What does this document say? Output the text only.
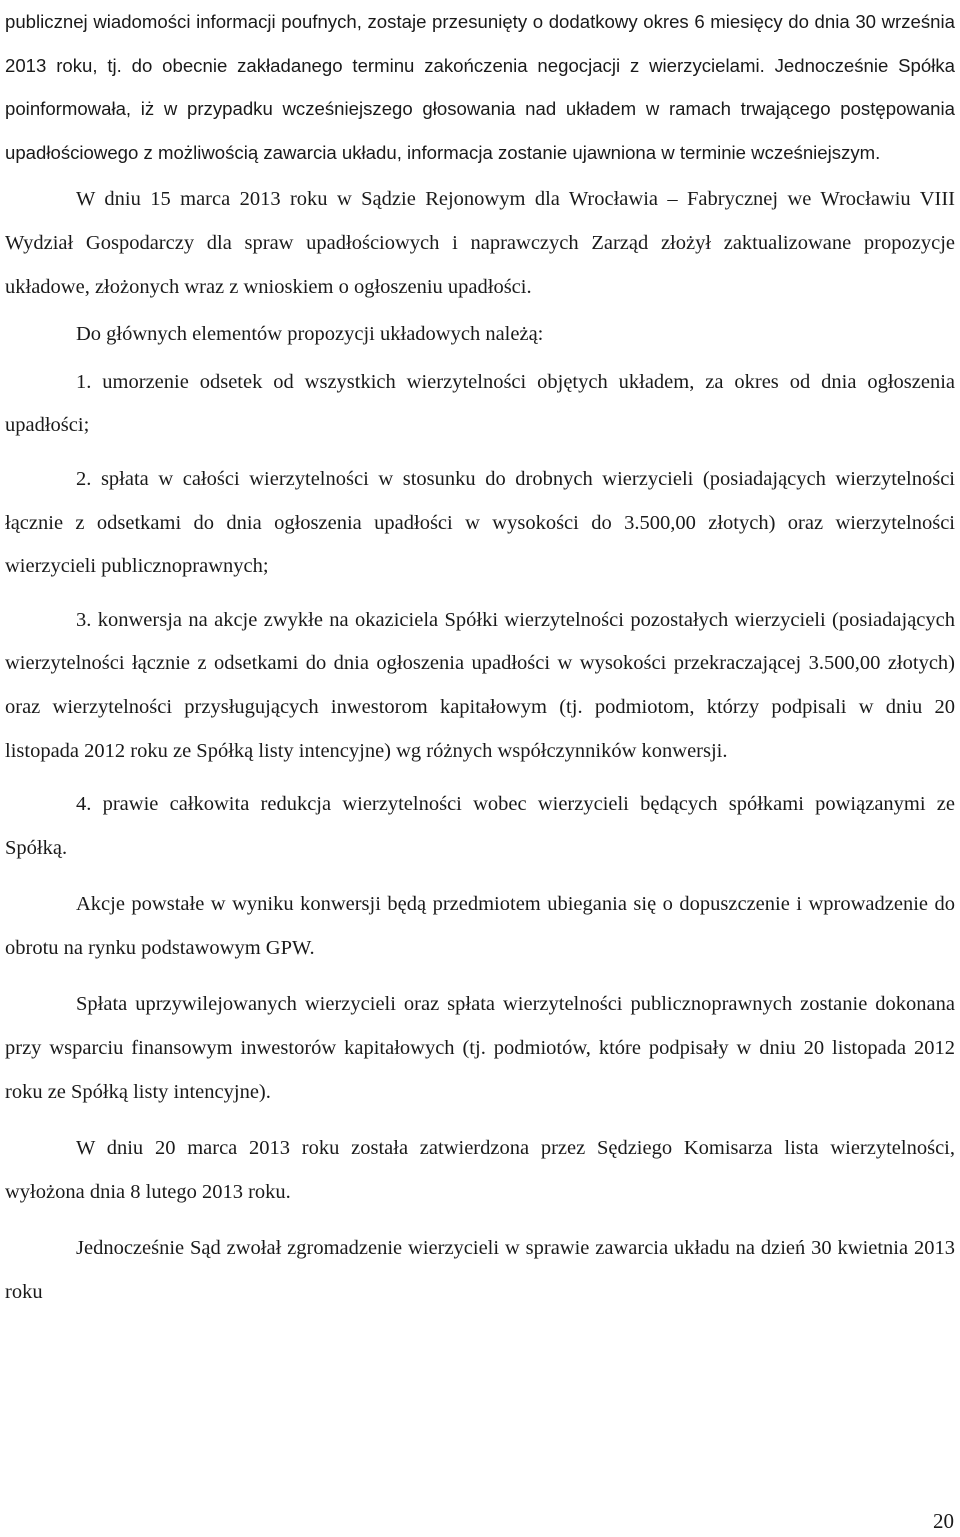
publicznej wiadomości informacji poufnych, zostaje przesunięty o dodatkowy okres 6 miesięcy do dnia 30 września 2013 roku, tj. do obecnie zakładanego terminu zakończenia negocjacji z wierzycielami. Jednocześnie Spółka poinformowała, iż w przypadku wcześniejszego głosowania nad układem w ramach trwającego postępowania upadłościowego z możliwością zawarcia układu, informacja zostanie ujawniona w terminie wcześniejszym.

W dniu 15 marca 2013 roku w Sądzie Rejonowym dla Wrocławia – Fabrycznej we Wrocławiu VIII Wydział Gospodarczy dla spraw upadłościowych i naprawczych Zarząd złożył zaktualizowane propozycje układowe, złożonych wraz z wnioskiem o ogłoszeniu upadłości.

Do głównych elementów propozycji układowych należą:

1. umorzenie odsetek od wszystkich wierzytelności objętych układem, za okres od dnia ogłoszenia upadłości;

2. spłata w całości wierzytelności w stosunku do drobnych wierzycieli (posiadających wierzytelności łącznie z odsetkami do dnia ogłoszenia upadłości w wysokości do 3.500,00 złotych) oraz wierzytelności wierzycieli publicznoprawnych;

3. konwersja na akcje zwykłe na okaziciela Spółki wierzytelności pozostałych wierzycieli (posiadających wierzytelności łącznie z odsetkami do dnia ogłoszenia upadłości w wysokości przekraczającej 3.500,00 złotych) oraz wierzytelności przysługujących inwestorom kapitałowym (tj. podmiotom, którzy podpisali w dniu 20 listopada 2012 roku ze Spółką listy intencyjne) wg różnych współczynników konwersji.

4. prawie całkowita redukcja wierzytelności wobec wierzycieli będących spółkami powiązanymi ze Spółką.

Akcje powstałe w wyniku konwersji będą przedmiotem ubiegania się o dopuszczenie i wprowadzenie do obrotu na rynku podstawowym GPW.

Spłata uprzywilejowanych wierzycieli oraz spłata wierzytelności publicznoprawnych zostanie dokonana przy wsparciu finansowym inwestorów kapitałowych (tj. podmiotów, które podpisały w dniu 20 listopada 2012 roku ze Spółką listy intencyjne).

W dniu 20 marca 2013 roku została zatwierdzona przez Sędziego Komisarza lista wierzytelności, wyłożona dnia 8 lutego 2013 roku.

Jednocześnie Sąd zwołał zgromadzenie wierzycieli w sprawie zawarcia układu na dzień 30 kwietnia 2013 roku

20
